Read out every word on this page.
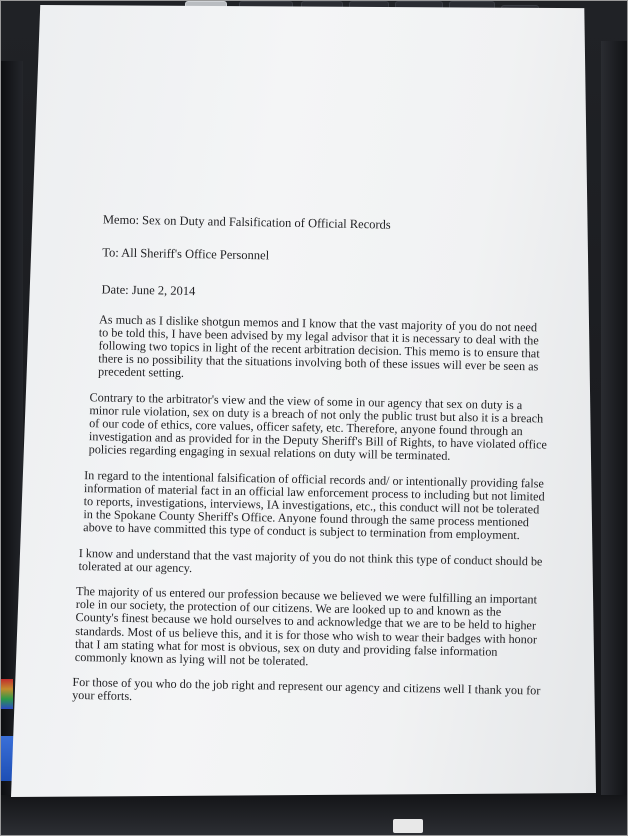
Memo: Sex on Duty and Falsification of Official Records
To: All Sheriff's Office Personnel
Date: June 2, 2014

As much as I dislike shotgun memos and I know that the vast majority of you do not need to be told this, I have been advised by my legal advisor that it is necessary to deal with the following two topics in light of the recent arbitration decision. This memo is to ensure that there is no possibility that the situations involving both of these issues will ever be seen as precedent setting.

Contrary to the arbitrator's view and the view of some in our agency that sex on duty is a minor rule violation, sex on duty is a breach of not only the public trust but also it is a breach of our code of ethics, core values, officer safety, etc. Therefore, anyone found through an investigation and as provided for in the Deputy Sheriff's Bill of Rights, to have violated office policies regarding engaging in sexual relations on duty will be terminated.

In regard to the intentional falsification of official records and/ or intentionally providing false information of material fact in an official law enforcement process to including but not limited to reports, investigations, interviews, IA investigations, etc., this conduct will not be tolerated in the Spokane County Sheriff's Office. Anyone found through the same process mentioned above to have committed this type of conduct is subject to termination from employment.

I know and understand that the vast majority of you do not think this type of conduct should be tolerated at our agency.

The majority of us entered our profession because we believed we were fulfilling an important role in our society, the protection of our citizens. We are looked up to and known as the County's finest because we hold ourselves to and acknowledge that we are to be held to higher standards. Most of us believe this, and it is for those who wish to wear their badges with honor that I am stating what for most is obvious, sex on duty and providing false information commonly known as lying will not be tolerated.

For those of you who do the job right and represent our agency and citizens well I thank you for your efforts.
